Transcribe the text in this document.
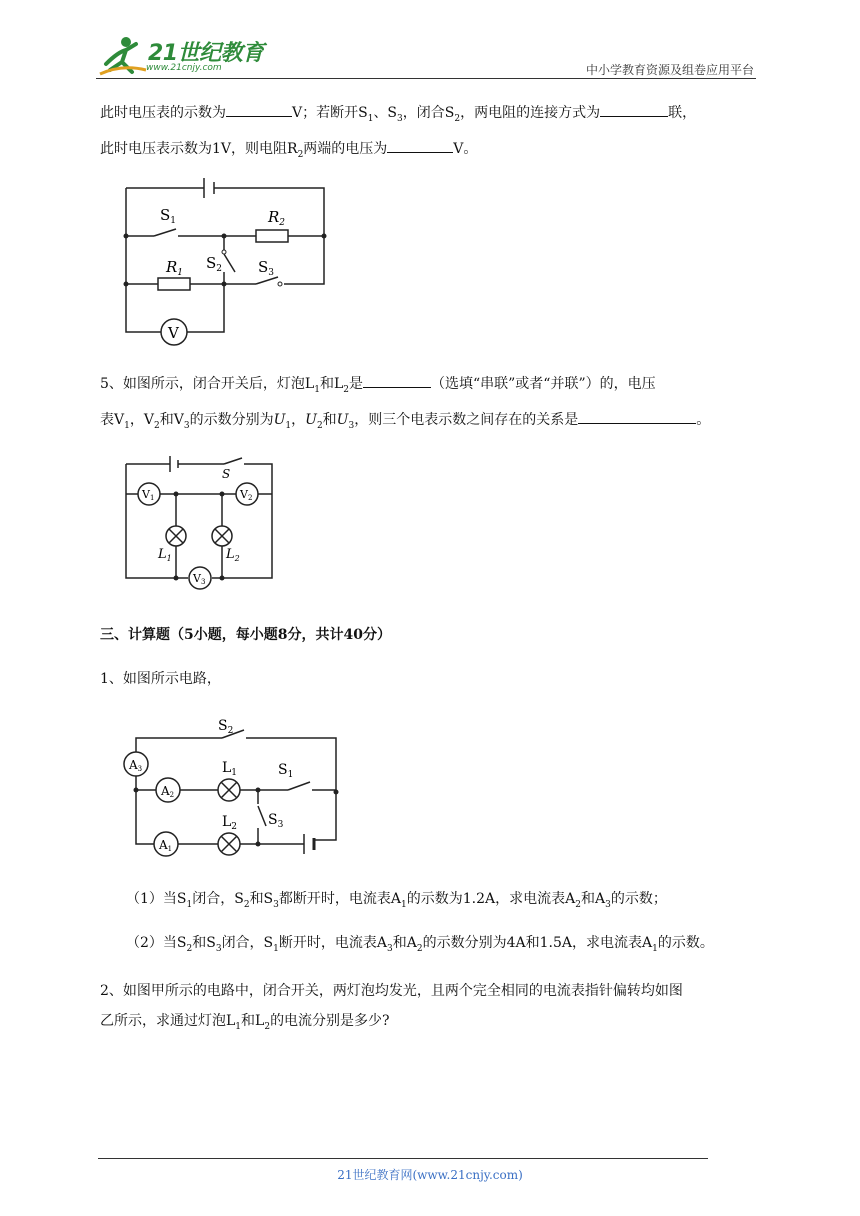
21世纪教育
www.21cnjy.com	中小学教育资源及组卷应用平台
此时电压表的示数为	V；若断开$S_1$、$S_3$，闭合$S_2$，两电阻的连接方式为	联，
此时电压表示数为1V，则电阻$R_2$两端的电压为	V。
$S_1$	$R_2$
$R_1$
$S_2$ $S_3$
V
5、如图所示，闭合开关后，灯泡$L_1$和$L_2$是	（选填“串联”或者“并联”）的，电压
表$V_1$，$V_2$和$V_3$的示数分别为$U_1$，$U_2$和$U_3$，则三个电表示数之间存在的关系是	。
S
V1	V2
V3
$L_1$	$L_2$
三、计算题（5小题，每小题8分，共计40分）
1、如图所示电路，
A3
A2
A1
$S_2$
$L_1$
$L_2$
$S_1$
$S_3$
（1）当$S_1$闭合，$S_2$和$S_3$都断开时，电流表$A_1$的示数为1.2A，求电流表$A_2$和$A_3$的示数；
（2）当$S_2$和$S_3$闭合，$S_1$断开时，电流表$A_3$和$A_2$的示数分别为4A和1.5A，求电流表$A_1$的示数。
2、如图甲所示的电路中，闭合开关，两灯泡均发光，且两个完全相同的电流表指针偏转均如图
乙所示，求通过灯泡$L_1$和$L_2$的电流分别是多少?
21世纪教育网(www.21cnjy.com)
